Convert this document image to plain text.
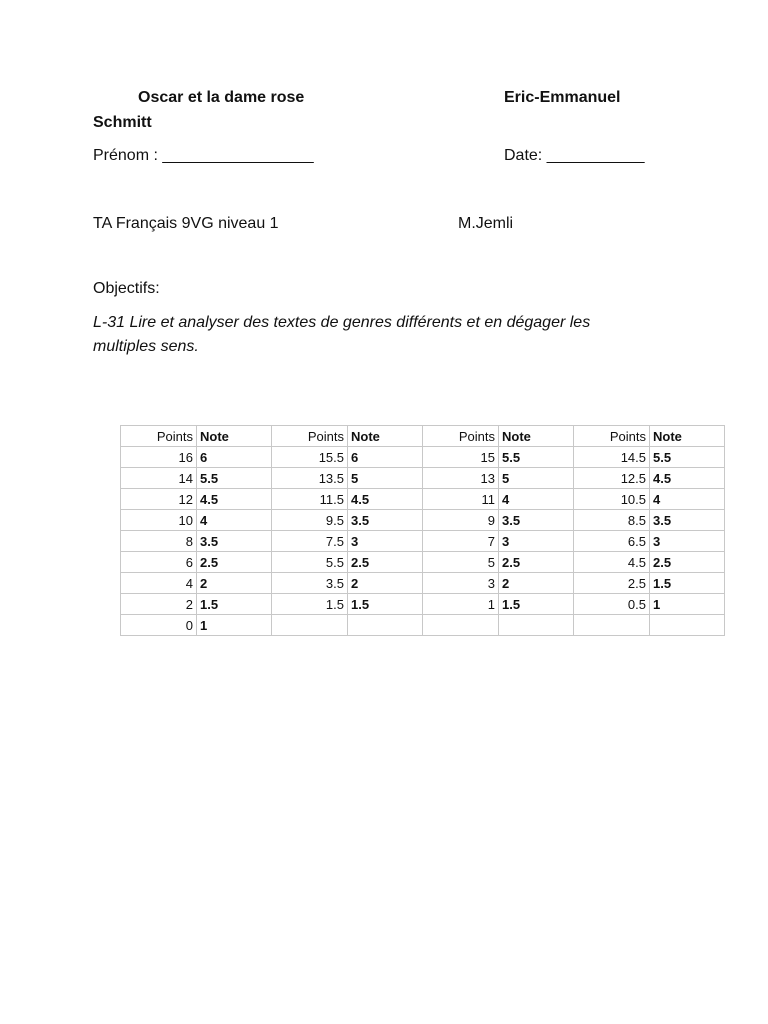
Oscar et la dame rose	Eric-Emmanuel
Schmitt
Prénom : _________________	Date: ___________
TA Français 9VG niveau 1	M.Jemli
Objectifs:
L-31 Lire et analyser des textes de genres différents et en dégager les
multiples sens.
Points	Note	Points	Note	Points	Note	Points	Note
16	6	15.5	6	15	5.5	14.5	5.5
14	5.5	13.5	5	13	5	12.5	4.5
12	4.5	11.5	4.5	11	4	10.5	4
10	4	9.5	3.5	9	3.5	8.5	3.5
8	3.5	7.5	3	7	3	6.5	3
6	2.5	5.5	2.5	5	2.5	4.5	2.5
4	2	3.5	2	3	2	2.5	1.5
2	1.5	1.5	1.5	1	1.5	0.5	1
0	1						
